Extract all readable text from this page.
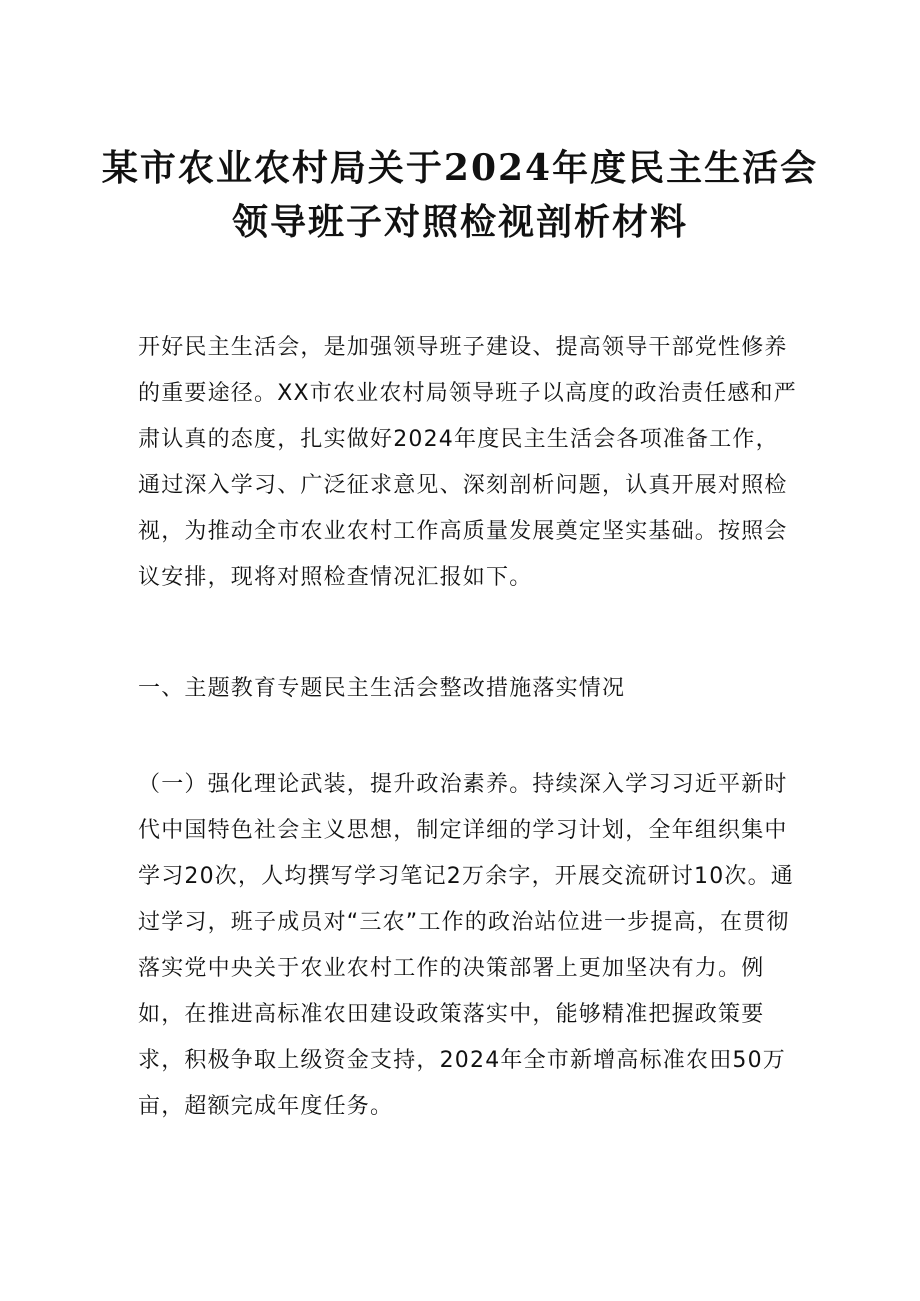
某市农业农村局关于2024年度民主生活会
领导班子对照检视剖析材料

开好民主生活会，是加强领导班子建设、提高领导干部党性修养的重要途径。XX市农业农村局领导班子以高度的政治责任感和严肃认真的态度，扎实做好2024年度民主生活会各项准备工作，通过深入学习、广泛征求意见、深刻剖析问题，认真开展对照检视，为推动全市农业农村工作高质量发展奠定坚实基础。按照会议安排，现将对照检查情况汇报如下。

一、主题教育专题民主生活会整改措施落实情况

（一）强化理论武装，提升政治素养。持续深入学习习近平新时代中国特色社会主义思想，制定详细的学习计划，全年组织集中学习20次，人均撰写学习笔记2万余字，开展交流研讨10次。通过学习，班子成员对“三农”工作的政治站位进一步提高，在贯彻落实党中央关于农业农村工作的决策部署上更加坚决有力。例如，在推进高标准农田建设政策落实中，能够精准把握政策要求，积极争取上级资金支持，2024年全市新增高标准农田50万亩，超额完成年度任务。
